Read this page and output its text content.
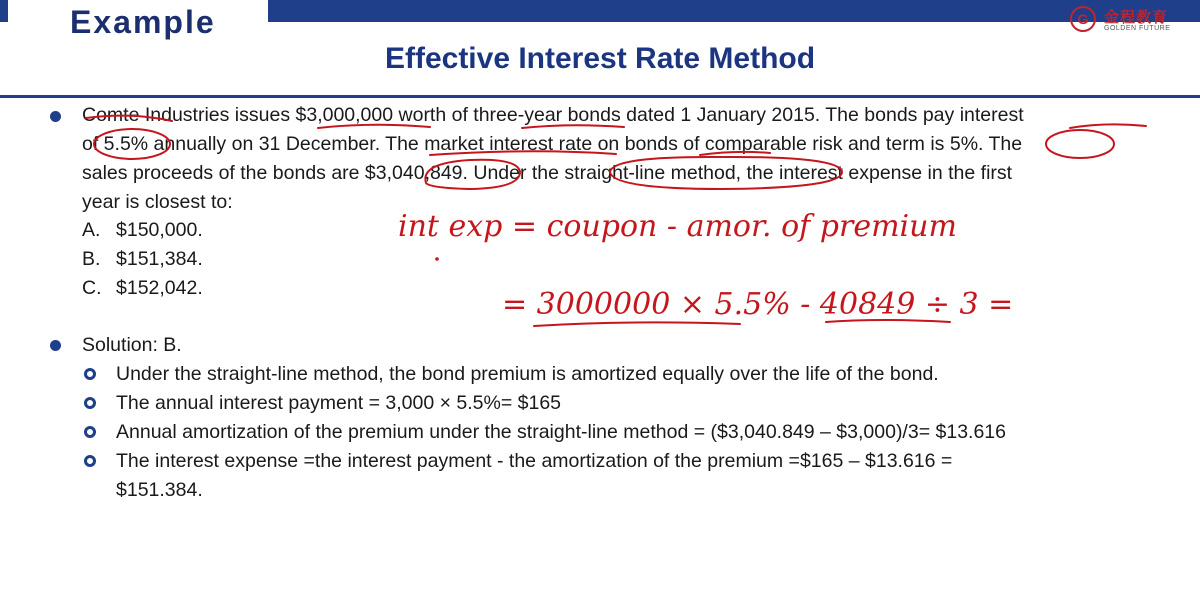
Example	G	金程教育
GOLDEN FUTURE
Effective Interest Rate Method
Comte Industries issues $3,000,000 worth of three-year bonds dated 1 January 2015. The bonds pay interest
of 5.5% annually on 31 December. The market interest rate on bonds of comparable risk and term is 5%. The
sales proceeds of the bonds are $3,040,849. Under the straight-line method, the interest expense in the first
year is closest to:
A. $150,000.
B. $151,384.
C. $152,042.
Solution: B.
Under the straight-line method, the bond premium is amortized equally over the life of the bond.
The annual interest payment = 3,000 × 5.5%= $165
Annual amortization of the premium under the straight-line method = ($3,040.849 – $3,000)/3= $13.616
The interest expense =the interest payment - the amortization of the premium =$165 – $13.616 =
$151.384.
int exp = coupon - amor. of premium
= 3000000 × 5.5% - 40849 ÷ 3 =
